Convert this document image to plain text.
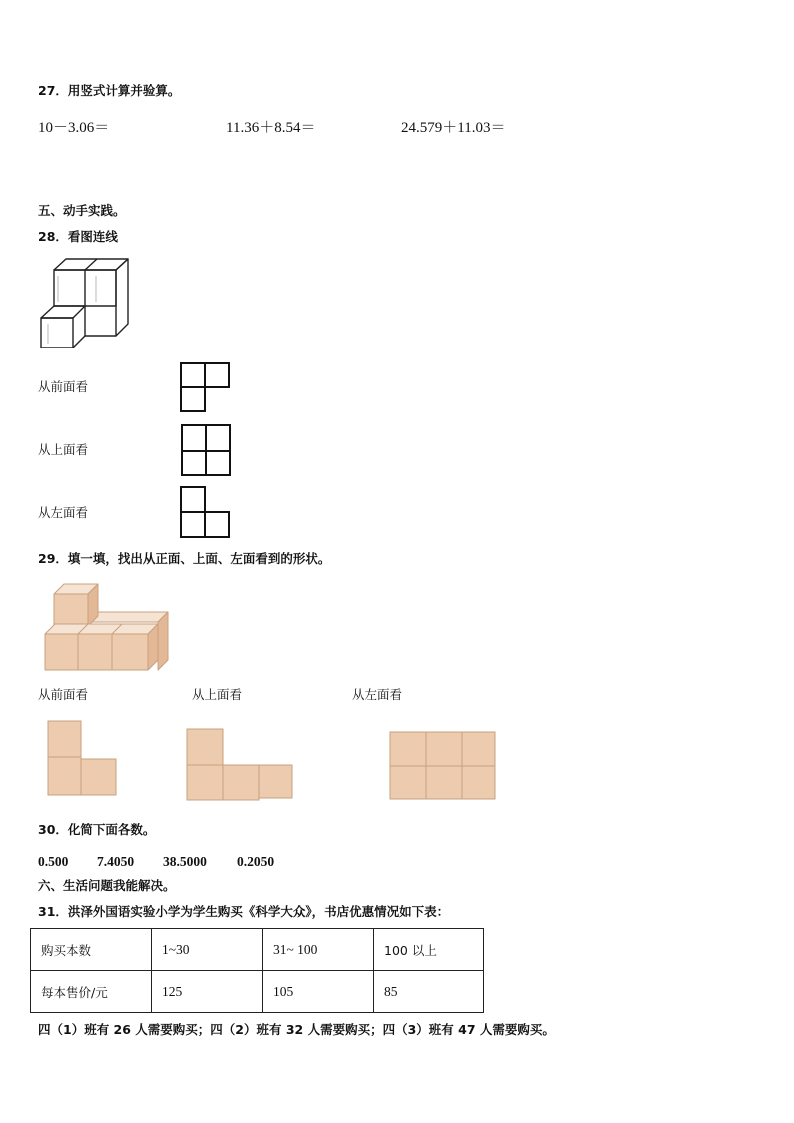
27．用竖式计算并验算。
10－3.06＝	11.36＋8.54＝	24.579＋11.03＝
五、动手实践。
28．看图连线
从前面看
从上面看
从左面看
29．填一填，找出从正面、上面、左面看到的形状。
从前面看	从上面看	从左面看
30．化简下面各数。
0.500 7.4050 38.5000 0.2050
六、生活问题我能解决。
31．洪泽外国语实验小学为学生购买《科学大众》，书店优惠情况如下表：
购买本数	1~30	31~ 100	100 以上
每本售价/元	125	105	85
四（1）班有 26 人需要购买；四（2）班有 32 人需要购买；四（3）班有 47 人需要购买。
